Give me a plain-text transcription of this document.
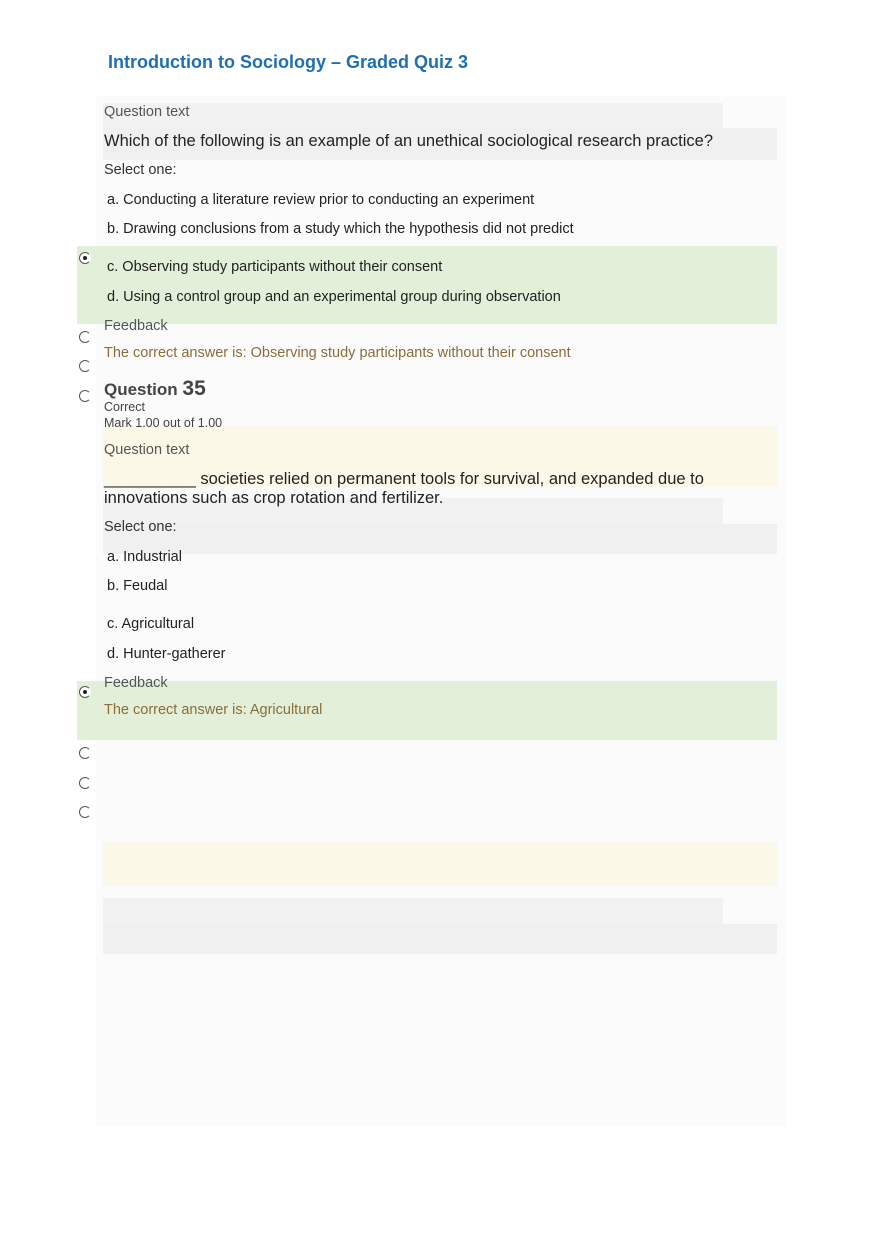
Introduction to Sociology – Graded Quiz 3
Question text
Which of the following is an example of an unethical sociological research practice?
Select one:
a. Conducting a literature review prior to conducting an experiment
b. Drawing conclusions from a study which the hypothesis did not predict
c. Observing study participants without their consent
d. Using a control group and an experimental group during observation
Feedback
The correct answer is: Observing study participants without their consent
Question 35
Correct
Mark 1.00 out of 1.00
Question text
__________ societies relied on permanent tools for survival, and expanded due to
innovations such as crop rotation and fertilizer.
Select one:
a. Industrial
b. Feudal
c. Agricultural
d. Hunter-gatherer
Feedback
The correct answer is: Agricultural
